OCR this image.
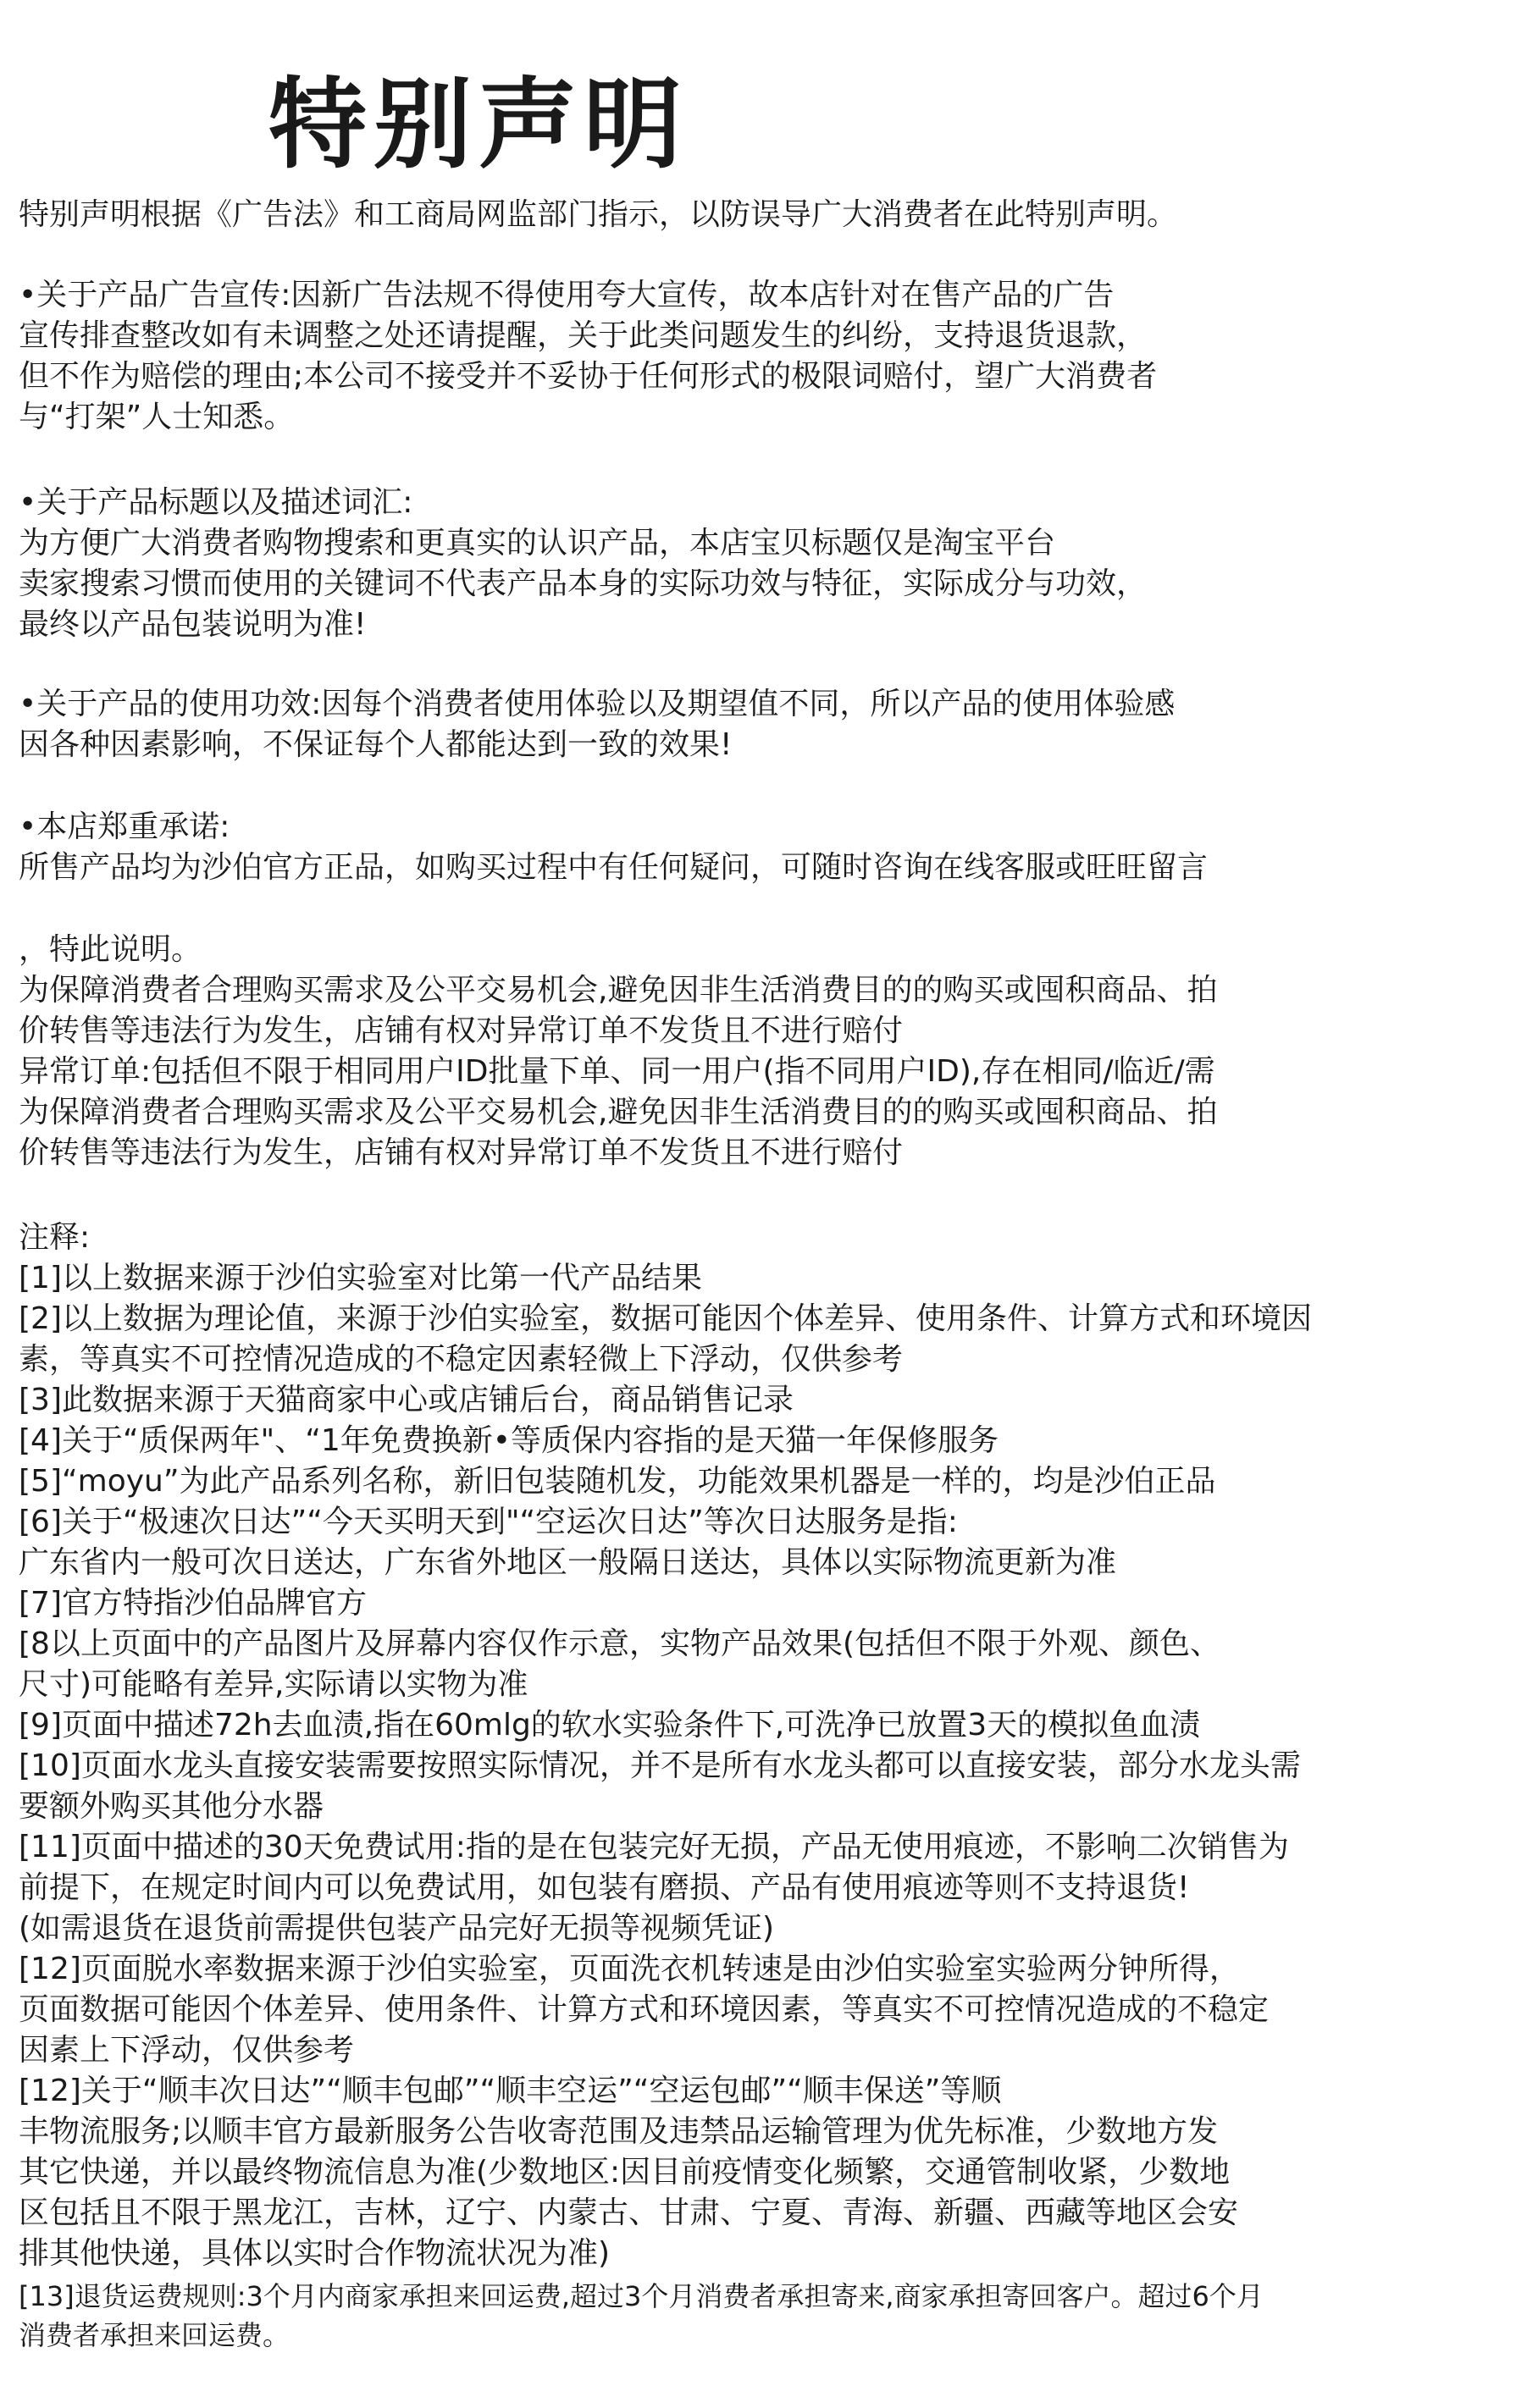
特别声明
特别声明根据《广告法》和工商局网监部门指示，以防误导广大消费者在此特别声明。
•关于产品广告宣传:因新广告法规不得使用夸大宣传，故本店针对在售产品的广告
宣传排查整改如有未调整之处还请提醒，关于此类问题发生的纠纷，支持退货退款，
但不作为赔偿的理由;本公司不接受并不妥协于任何形式的极限词赔付，望广大消费者
与“打架”人士知悉。
•关于产品标题以及描述词汇:
为方便广大消费者购物搜索和更真实的认识产品，本店宝贝标题仅是淘宝平台
卖家搜索习惯而使用的关键词不代表产品本身的实际功效与特征，实际成分与功效，
最终以产品包装说明为准!
•关于产品的使用功效:因每个消费者使用体验以及期望值不同，所以产品的使用体验感
因各种因素影响，不保证每个人都能达到一致的效果!
•本店郑重承诺:
所售产品均为沙伯官方正品，如购买过程中有任何疑问，可随时咨询在线客服或旺旺留言
，特此说明。
为保障消费者合理购买需求及公平交易机会,避免因非生活消费目的的购买或囤积商品、拍
价转售等违法行为发生，店铺有权对异常订单不发货且不进行赔付
异常订单:包括但不限于相同用户ID批量下单、同一用户(指不同用户ID),存在相同/临近/需
为保障消费者合理购买需求及公平交易机会,避免因非生活消费目的的购买或囤积商品、拍
价转售等违法行为发生，店铺有权对异常订单不发货且不进行赔付
注释:
[1]以上数据来源于沙伯实验室对比第一代产品结果
[2]以上数据为理论值，来源于沙伯实验室，数据可能因个体差异、使用条件、计算方式和环境因
素，等真实不可控情况造成的不稳定因素轻微上下浮动，仅供参考
[3]此数据来源于天猫商家中心或店铺后台，商品销售记录
[4]关于“质保两年"、“1年免费换新•等质保内容指的是天猫一年保修服务
[5]“moyu”为此产品系列名称，新旧包装随机发，功能效果机器是一样的，均是沙伯正品
[6]关于“极速次日达”“今天买明天到"“空运次日达”等次日达服务是指:
广东省内一般可次日送达，广东省外地区一般隔日送达，具体以实际物流更新为准
[7]官方特指沙伯品牌官方
[8以上页面中的产品图片及屏幕内容仅作示意，实物产品效果(包括但不限于外观、颜色、
尺寸)可能略有差异,实际请以实物为准
[9]页面中描述72h去血渍,指在60mlg的软水实验条件下,可洗净已放置3天的模拟鱼血渍
[10]页面水龙头直接安装需要按照实际情况，并不是所有水龙头都可以直接安装，部分水龙头需
要额外购买其他分水器
[11]页面中描述的30天免费试用:指的是在包装完好无损，产品无使用痕迹，不影响二次销售为
前提下，在规定时间内可以免费试用，如包装有磨损、产品有使用痕迹等则不支持退货!
(如需退货在退货前需提供包装产品完好无损等视频凭证)
[12]页面脱水率数据来源于沙伯实验室，页面洗衣机转速是由沙伯实验室实验两分钟所得，
页面数据可能因个体差异、使用条件、计算方式和环境因素，等真实不可控情况造成的不稳定
因素上下浮动，仅供参考
[12]关于“顺丰次日达”“顺丰包邮”“顺丰空运”“空运包邮”“顺丰保送”等顺
丰物流服务;以顺丰官方最新服务公告收寄范围及违禁品运输管理为优先标准，少数地方发
其它快递，并以最终物流信息为准(少数地区:因目前疫情变化频繁，交通管制收紧，少数地
区包括且不限于黑龙江，吉林，辽宁、内蒙古、甘肃、宁夏、青海、新疆、西藏等地区会安
排其他快递，具体以实时合作物流状况为准)
[13]退货运费规则:3个月内商家承担来回运费,超过3个月消费者承担寄来,商家承担寄回客户。超过6个月
消费者承担来回运费。
